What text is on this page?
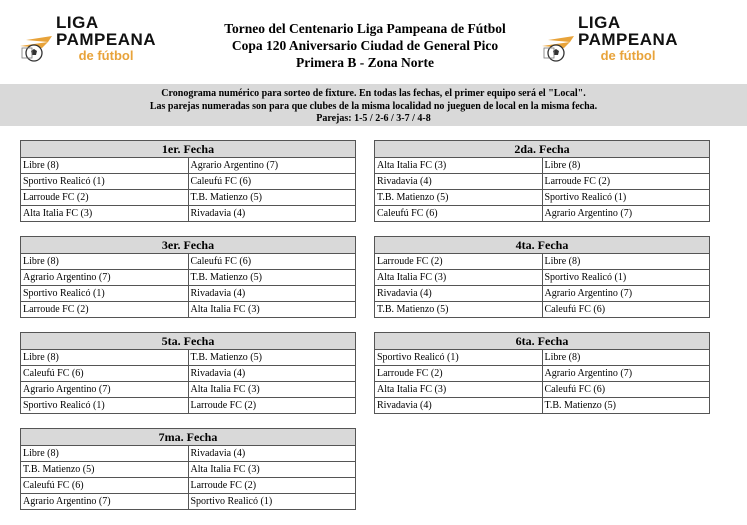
LIGA
PAMPEANA
de fútbol
Torneo del Centenario Liga Pampeana de Fútbol
Copa 120 Aniversario Ciudad de General Pico
Primera B - Zona Norte
LIGA
PAMPEANA
de fútbol
Cronograma numérico para sorteo de fixture. En todas las fechas, el primer equipo será el "Local".
Las parejas numeradas son para que clubes de la misma localidad no jueguen de local en la misma fecha.
Parejas: 1-5 / 2-6 / 3-7 / 4-8
1er. Fecha	
Libre (8)	Agrario Argentino (7)
Sportivo Realicó (1)	Caleufú FC (6)
Larroude FC (2)	T.B. Matienzo (5)
Alta Italia FC (3)	Rivadavia (4)
2da. Fecha	
Alta Italia FC (3)	Libre (8)
Rivadavia (4)	Larroude FC (2)
T.B. Matienzo (5)	Sportivo Realicó (1)
Caleufú FC (6)	Agrario Argentino (7)
3er. Fecha	
Libre (8)	Caleufú FC (6)
Agrario Argentino (7)	T.B. Matienzo (5)
Sportivo Realicó (1)	Rivadavia (4)
Larroude FC (2)	Alta Italia FC (3)
4ta. Fecha	
Larroude FC (2)	Libre (8)
Alta Italia FC (3)	Sportivo Realicó (1)
Rivadavia (4)	Agrario Argentino (7)
T.B. Matienzo (5)	Caleufú FC (6)
5ta. Fecha	
Libre (8)	T.B. Matienzo (5)
Caleufú FC (6)	Rivadavia (4)
Agrario Argentino (7)	Alta Italia FC (3)
Sportivo Realicó (1)	Larroude FC (2)
6ta. Fecha	
Sportivo Realicó (1)	Libre (8)
Larroude FC (2)	Agrario Argentino (7)
Alta Italia FC (3)	Caleufú FC (6)
Rivadavia (4)	T.B. Matienzo (5)
7ma. Fecha	
Libre (8)	Rivadavia (4)
T.B. Matienzo (5)	Alta Italia FC (3)
Caleufú FC (6)	Larroude FC (2)
Agrario Argentino (7)	Sportivo Realicó (1)
